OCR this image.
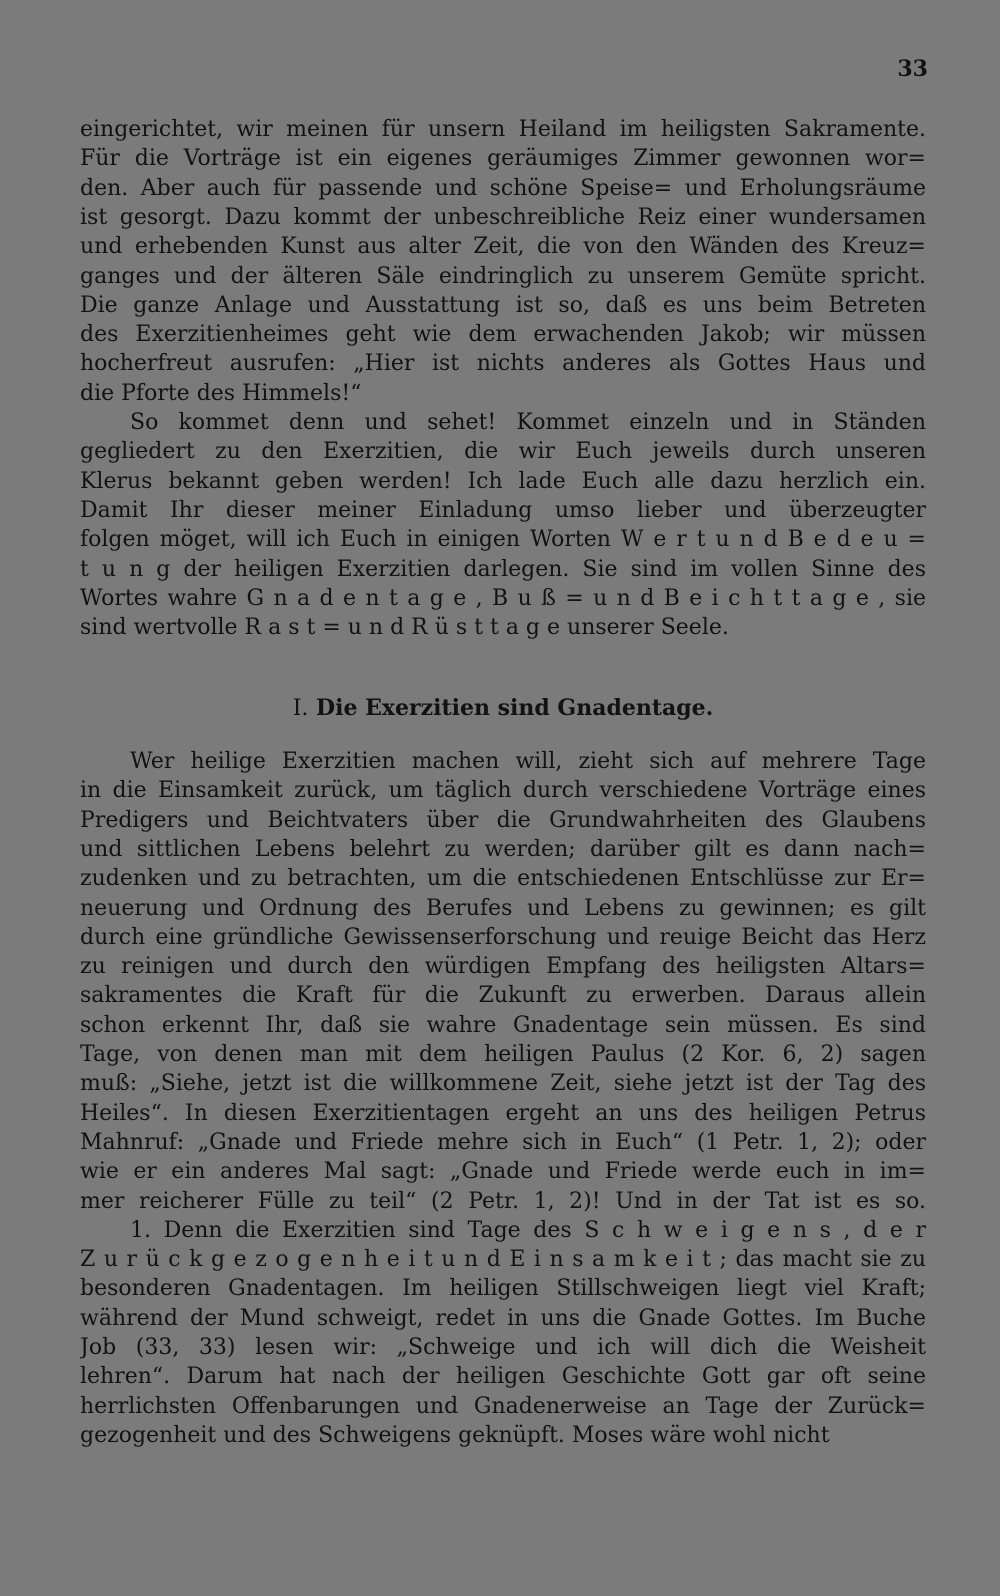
33

eingerichtet, wir meinen für unsern Heiland im heiligsten Sakramente.
Für die Vorträge ist ein eigenes geräumiges Zimmer gewonnen wor=
den. Aber auch für passende und schöne Speise= und Erholungsräume
ist gesorgt. Dazu kommt der unbeschreibliche Reiz einer wundersamen
und erhebenden Kunst aus alter Zeit, die von den Wänden des Kreuz=
ganges und der älteren Säle eindringlich zu unserem Gemüte spricht.
Die ganze Anlage und Ausstattung ist so, daß es uns beim Betreten
des Exerzitienheimes geht wie dem erwachenden Jakob; wir müssen
hocherfreut ausrufen: „Hier ist nichts anderes als Gottes Haus und
die Pforte des Himmels!“
So kommet denn und sehet! Kommet einzeln und in Ständen
gegliedert zu den Exerzitien, die wir Euch jeweils durch unseren
Klerus bekannt geben werden! Ich lade Euch alle dazu herzlich ein.
Damit Ihr dieser meiner Einladung umso lieber und überzeugter
folgen möget, will ich Euch in einigen Worten W e r t u n d B e d e u =
t u n g der heiligen Exerzitien darlegen. Sie sind im vollen Sinne des
Wortes wahre G n a d e n t a g e , B u ß = u n d B e i c h t t a g e , sie
sind wertvolle R a s t = u n d R ü s t t a g e unserer Seele.
I. Die Exerzitien sind Gnadentage.
Wer heilige Exerzitien machen will, zieht sich auf mehrere Tage
in die Einsamkeit zurück, um täglich durch verschiedene Vorträge eines
Predigers und Beichtvaters über die Grundwahrheiten des Glaubens
und sittlichen Lebens belehrt zu werden; darüber gilt es dann nach=
zudenken und zu betrachten, um die entschiedenen Entschlüsse zur Er=
neuerung und Ordnung des Berufes und Lebens zu gewinnen; es gilt
durch eine gründliche Gewissenserforschung und reuige Beicht das Herz
zu reinigen und durch den würdigen Empfang des heiligsten Altars=
sakramentes die Kraft für die Zukunft zu erwerben. Daraus allein
schon erkennt Ihr, daß sie wahre Gnadentage sein müssen. Es sind
Tage, von denen man mit dem heiligen Paulus (2 Kor. 6, 2) sagen
muß: „Siehe, jetzt ist die willkommene Zeit, siehe jetzt ist der Tag des
Heiles“. In diesen Exerzitientagen ergeht an uns des heiligen Petrus
Mahnruf: „Gnade und Friede mehre sich in Euch“ (1 Petr. 1, 2); oder
wie er ein anderes Mal sagt: „Gnade und Friede werde euch in im=
mer reicherer Fülle zu teil“ (2 Petr. 1, 2)! Und in der Tat ist es so.
1. Denn die Exerzitien sind Tage des S c h w e i g e n s , d e r
Z u r ü c k g e z o g e n h e i t u n d E i n s a m k e i t ; das macht sie zu
besonderen Gnadentagen. Im heiligen Stillschweigen liegt viel Kraft;
während der Mund schweigt, redet in uns die Gnade Gottes. Im Buche
Job (33, 33) lesen wir: „Schweige und ich will dich die Weisheit
lehren“. Darum hat nach der heiligen Geschichte Gott gar oft seine
herrlichsten Offenbarungen und Gnadenerweise an Tage der Zurück=
gezogenheit und des Schweigens geknüpft. Moses wäre wohl nicht
